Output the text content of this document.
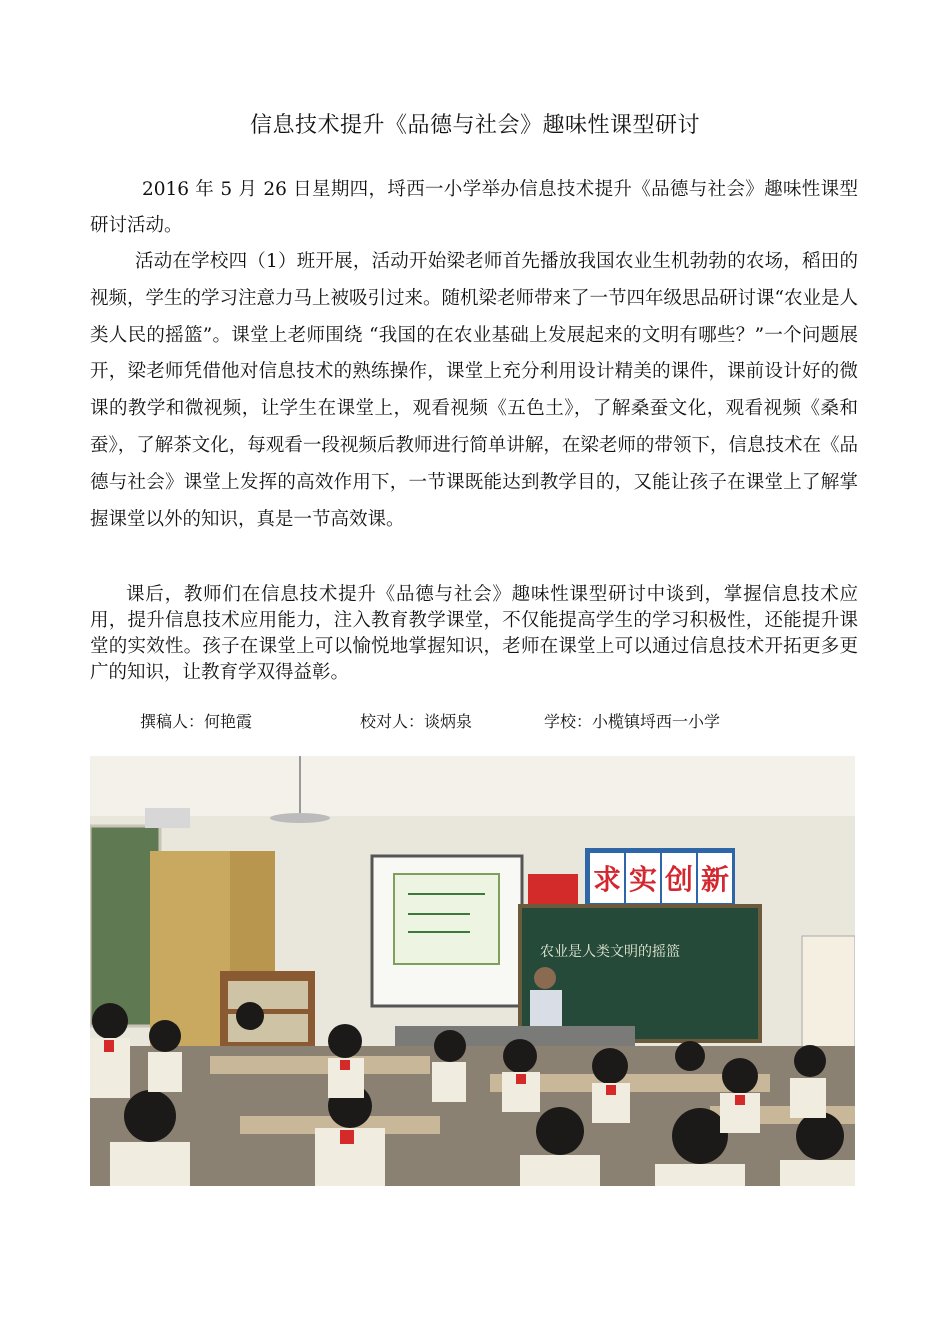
信息技术提升《品德与社会》趣味性课型研讨

2016 年 5 月 26 日星期四，埒西一小学举办信息技术提升《品德与社会》趣味性课型研讨活动。

活动在学校四（1）班开展，活动开始梁老师首先播放我国农业生机勃勃的农场，稻田的视频，学生的学习注意力马上被吸引过来。随机梁老师带来了一节四年级思品研讨课“农业是人类人民的摇篮”。课堂上老师围绕 “我国的在农业基础上发展起来的文明有哪些？”一个问题展开，梁老师凭借他对信息技术的熟练操作，课堂上充分利用设计精美的课件，课前设计好的微课的教学和微视频，让学生在课堂上，观看视频《五色土》，了解桑蚕文化，观看视频《桑和蚕》，了解茶文化，每观看一段视频后教师进行简单讲解，在梁老师的带领下，信息技术在《品德与社会》课堂上发挥的高效作用下，一节课既能达到教学目的，又能让孩子在课堂上了解掌握课堂以外的知识，真是一节高效课。

课后，教师们在信息技术提升《品德与社会》趣味性课型研讨中谈到，掌握信息技术应用，提升信息技术应用能力，注入教育教学课堂，不仅能提高学生的学习积极性，还能提升课堂的实效性。孩子在课堂上可以愉悦地掌握知识，老师在课堂上可以通过信息技术开拓更多更广的知识，让教育学双得益彰。

撰稿人：何艳霞	校对人：谈炳泉	学校：小榄镇埒西一小学
求 实 创 新
农业是人类文明的摇篮
